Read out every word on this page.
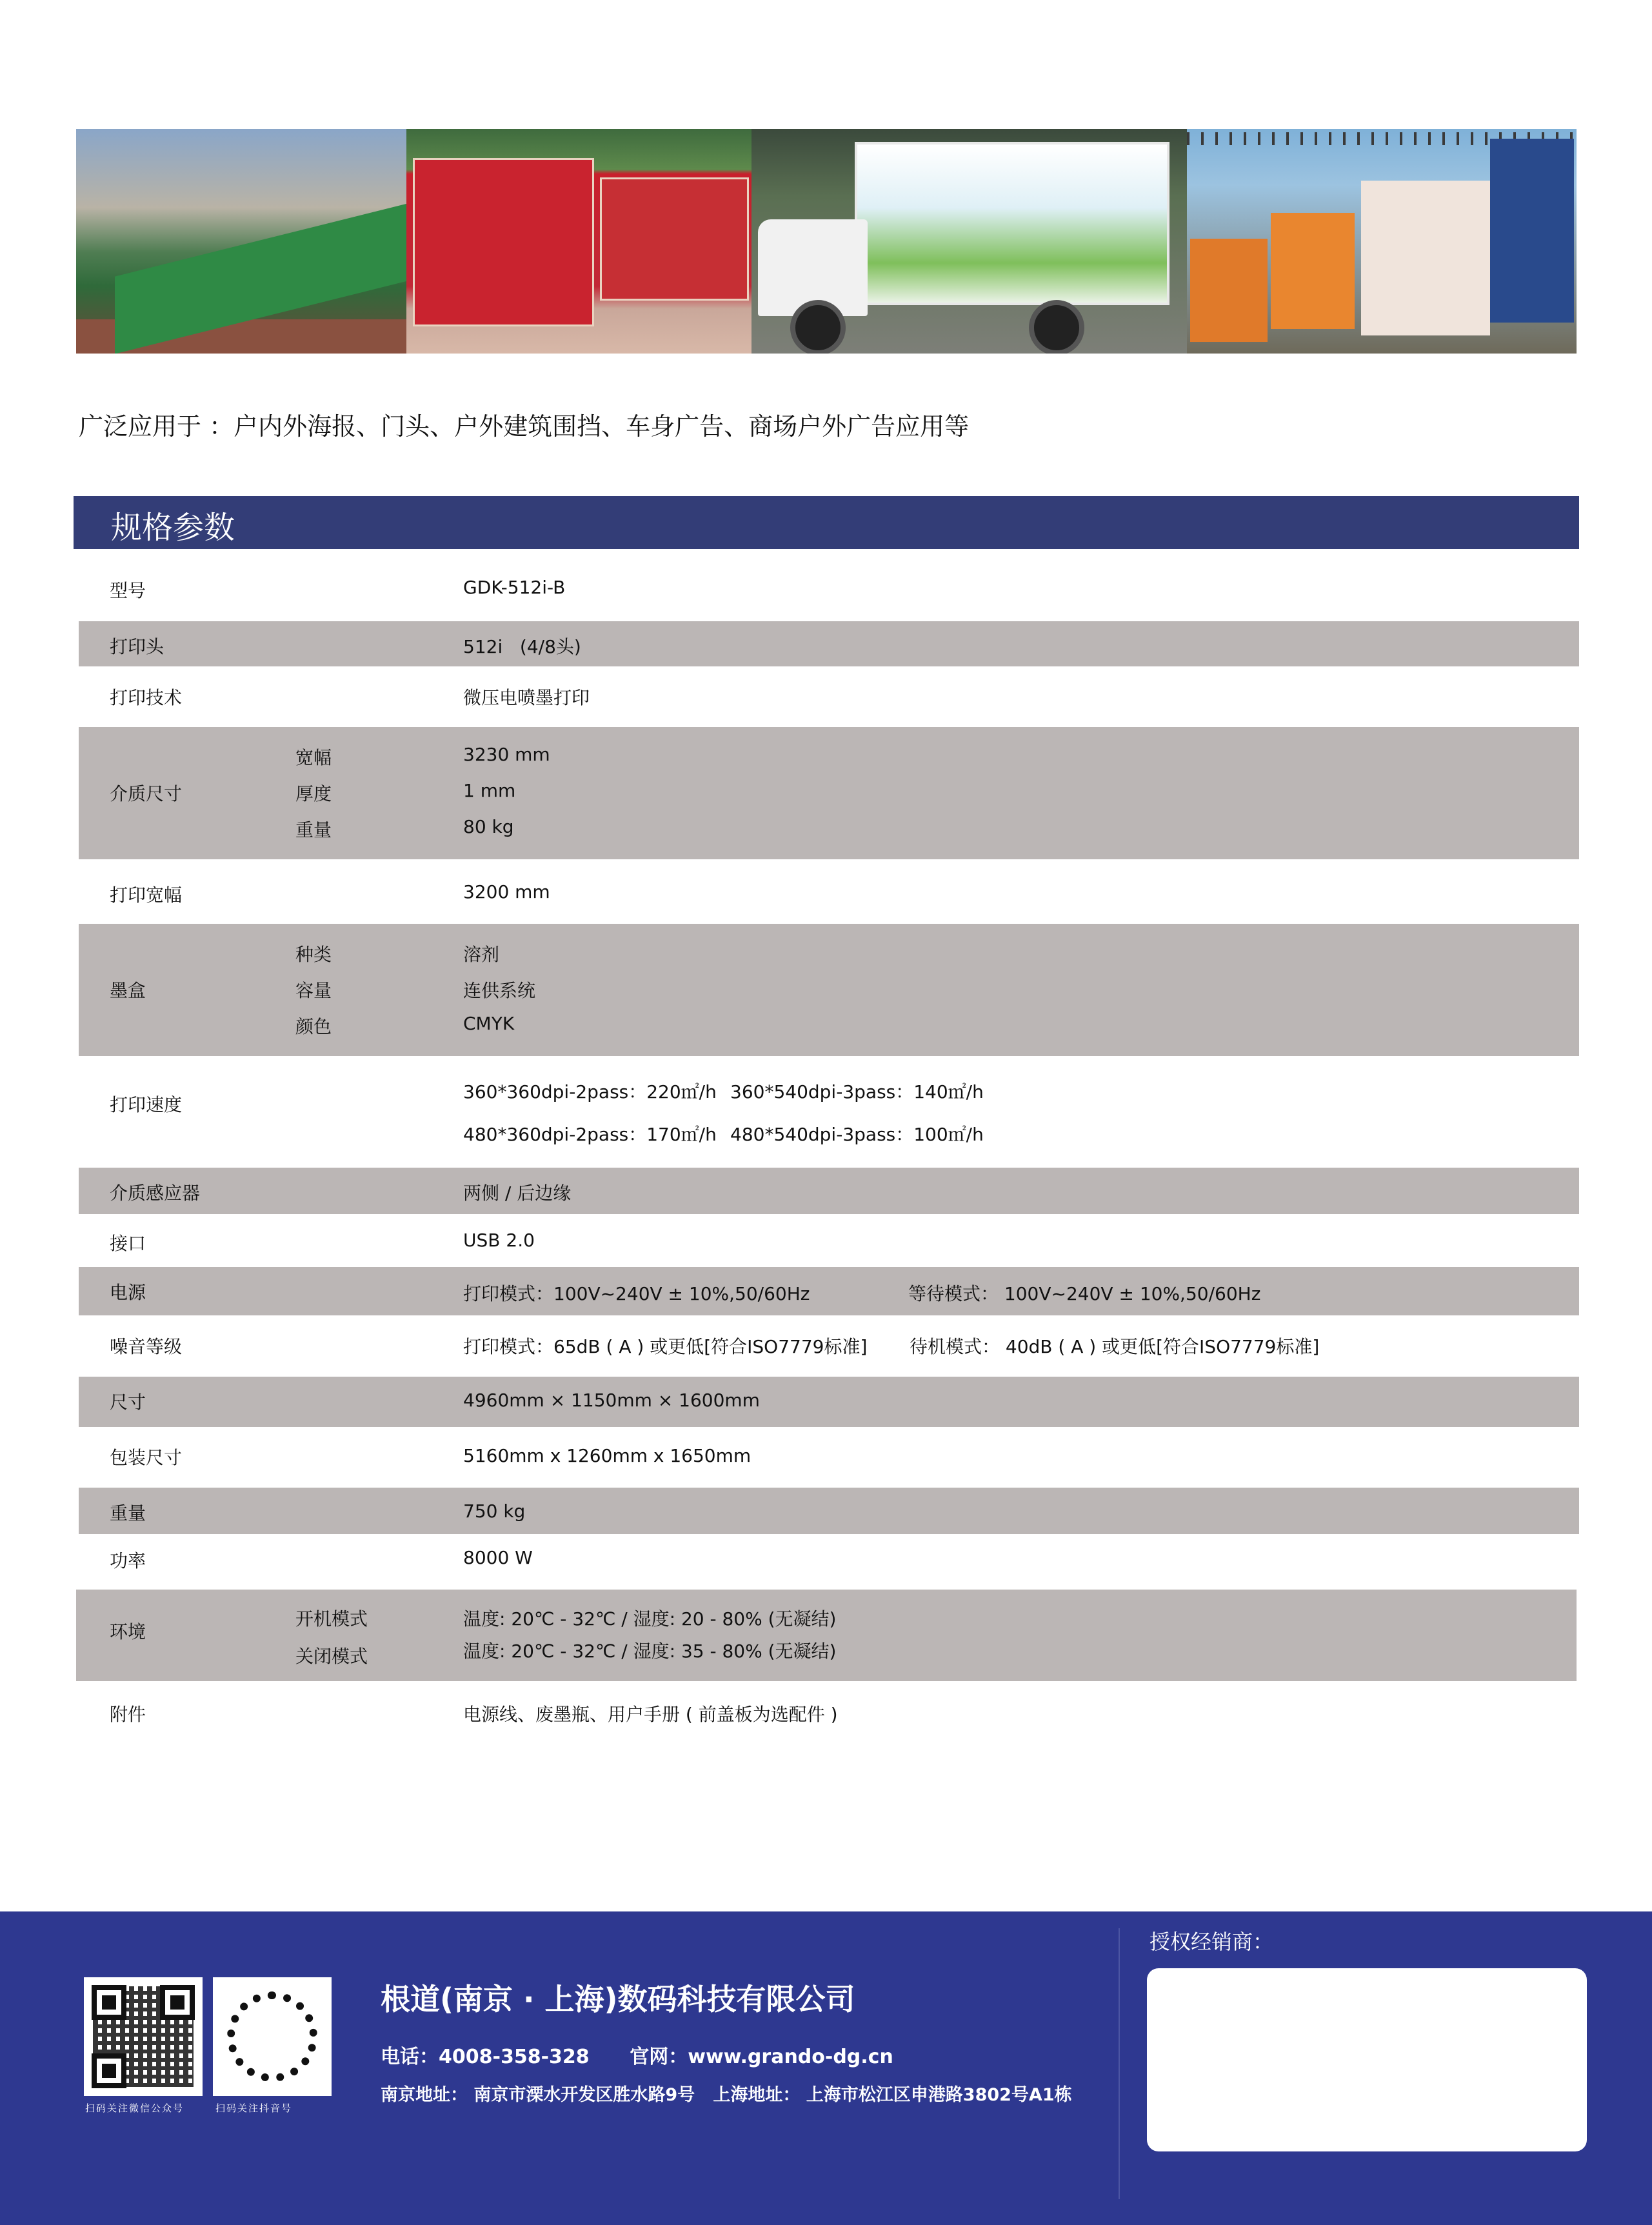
广泛应用于 ：户内外海报、门头、户外建筑围挡、车身广告、商场户外广告应用等
规格参数
型号	GDK-512i-B
打印头	512i   (4/8头)
打印技术	微压电喷墨打印
介质尺寸
宽幅	3230 mm
厚度	1 mm
重量	80 kg
打印宽幅	3200 mm
墨盒
种类	溶剂
容量	连供系统
颜色	CMYK
打印速度
360*360dpi-2pass：220㎡/h 360*540dpi-3pass：140㎡/h
480*360dpi-2pass：170㎡/h 480*540dpi-3pass：100㎡/h
介质感应器	两侧 / 后边缘
接口	USB 2.0
电源	打印模式：100V~240V ± 10%,50/60Hz	等待模式： 100V~240V ± 10%,50/60Hz
噪音等级	打印模式：65dB ( A ) 或更低[符合ISO7779标准] 待机模式： 40dB ( A ) 或更低[符合ISO7779标准]
尺寸	4960mm × 1150mm × 1600mm
包装尺寸	5160mm x 1260mm x 1650mm
重量	750 kg
功率	8000 W
环境
开机模式	温度: 20℃ - 32℃ / 湿度: 20 - 80% (无凝结)
关闭模式	温度: 20℃ - 32℃ / 湿度: 35 - 80% (无凝结)
附件	电源线、废墨瓶、用户手册 ( 前盖板为选配件 )
扫码关注微信公众号	扫码关注抖音号
根道(南京 · 上海)数码科技有限公司
电话：4008-358-328      官网：www.grando-dg.cn
南京地址： 南京市溧水开发区胜水路9号   上海地址： 上海市松江区申港路3802号A1栋
授权经销商：
